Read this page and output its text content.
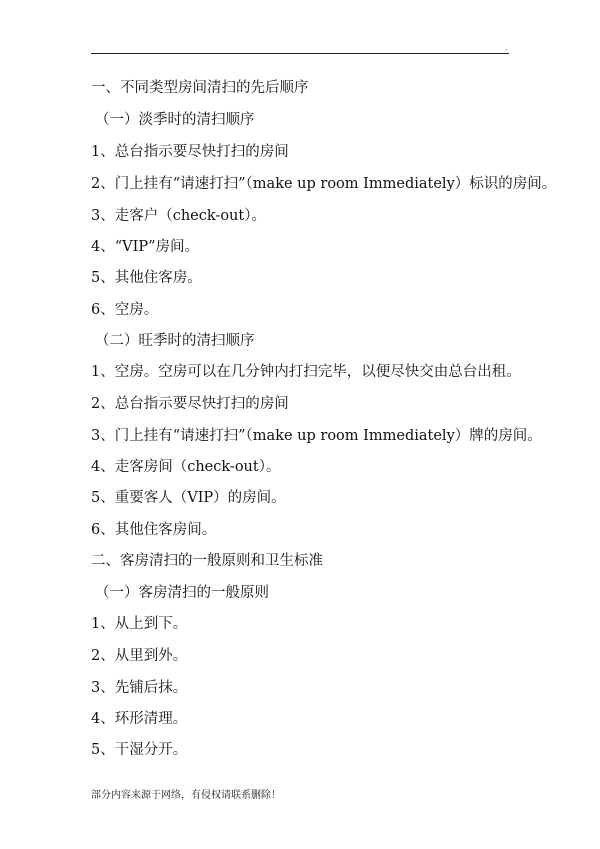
.
一、不同类型房间清扫的先后顺序
（一）淡季时的清扫顺序
1、总台指示要尽快打扫的房间
2、门上挂有“请速打扫”（make up room Immediately）标识的房间。
3、走客户（check-out）。
4、“VIP”房间。
5、其他住客房。
6、空房。
（二）旺季时的清扫顺序
1、空房。空房可以在几分钟内打扫完毕，以便尽快交由总台出租。
2、总台指示要尽快打扫的房间
3、门上挂有“请速打扫”（make up room Immediately）牌的房间。
4、走客房间（check-out）。
5、重要客人（VIP）的房间。
6、其他住客房间。
二、客房清扫的一般原则和卫生标准
（一）客房清扫的一般原则
1、从上到下。
2、从里到外。
3、先铺后抹。
4、环形清理。
5、干湿分开。
部分内容来源于网络，有侵权请联系删除！
